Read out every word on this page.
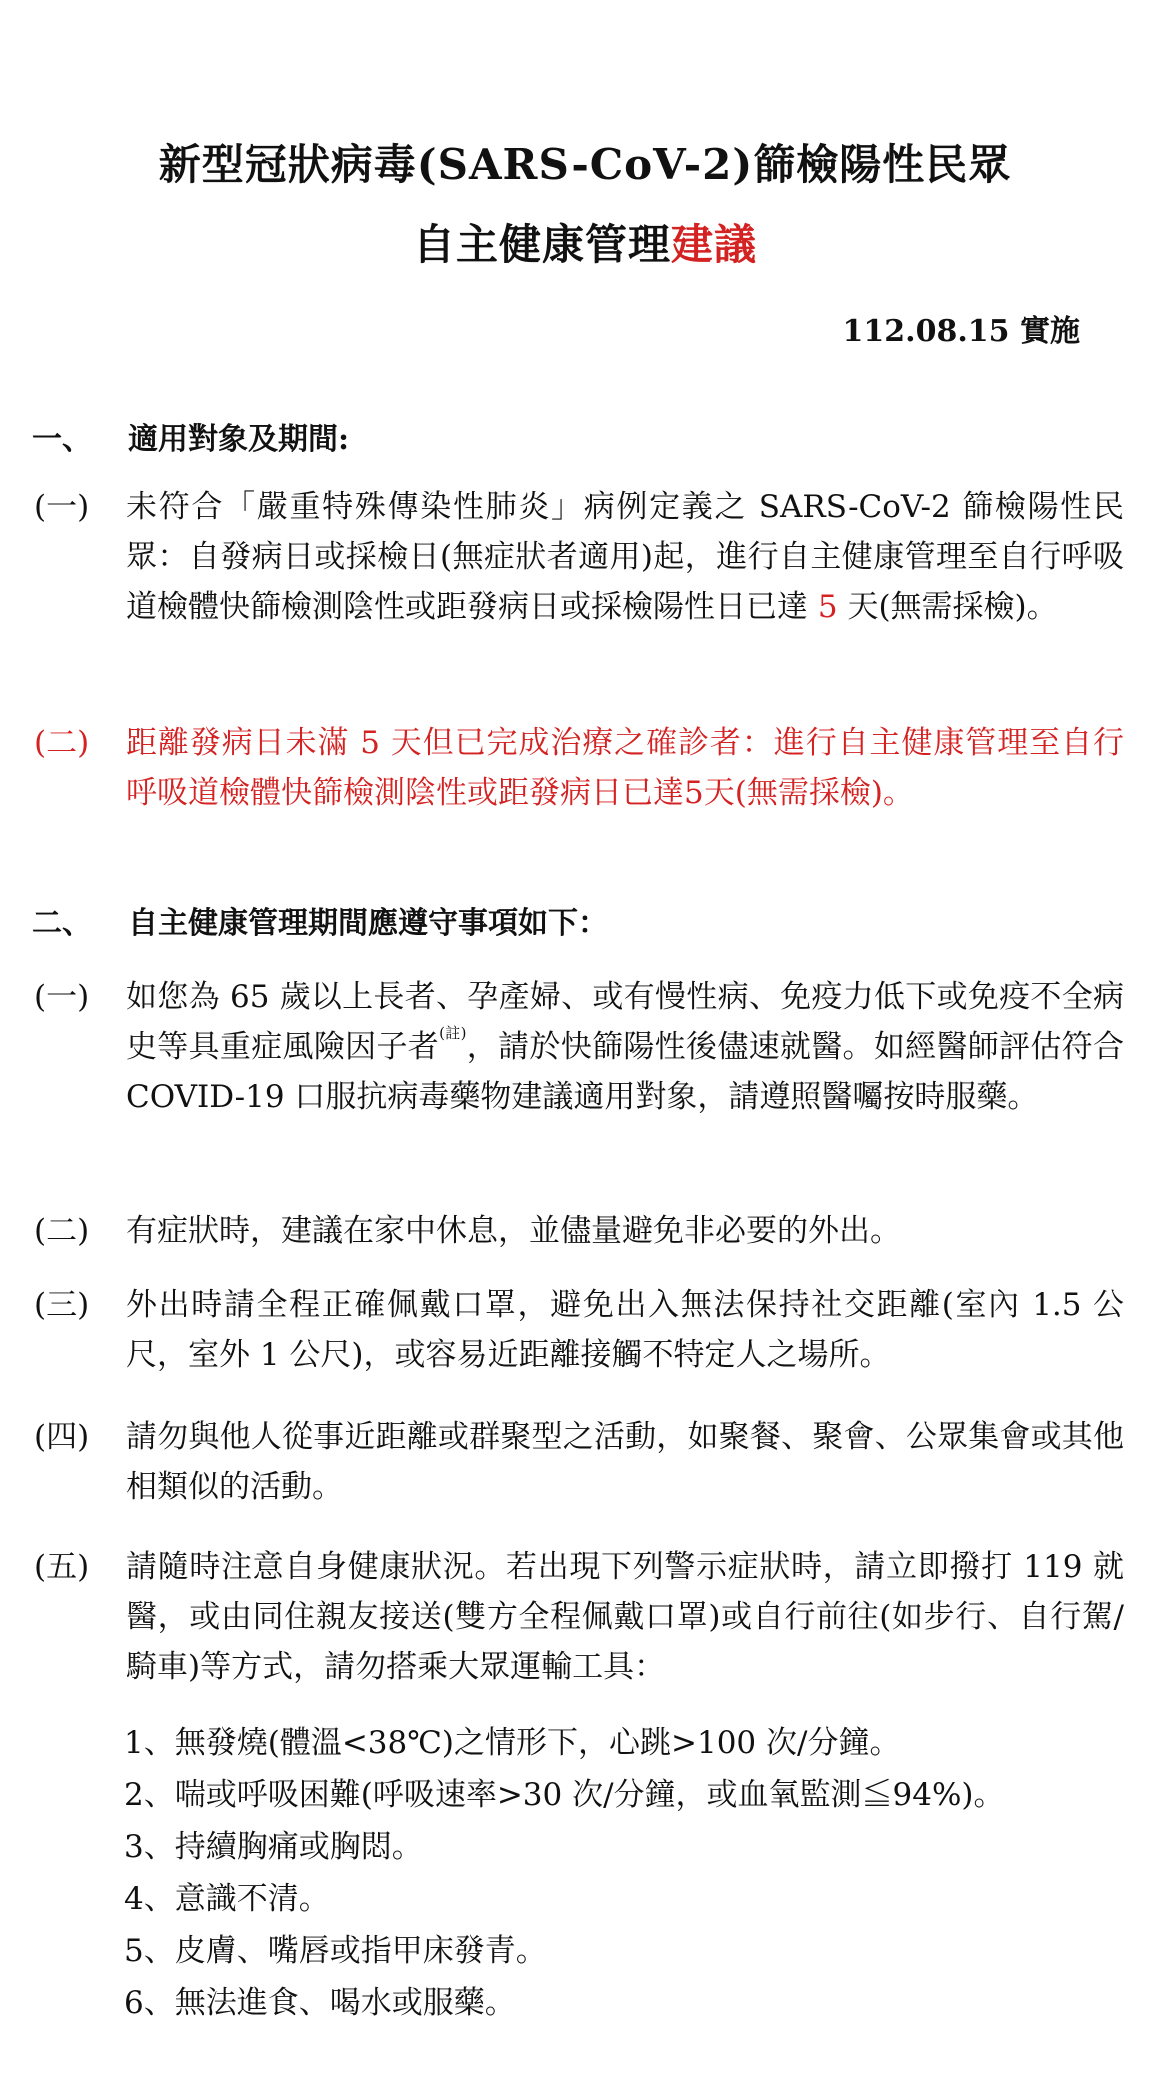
新型冠狀病毒(SARS-CoV-2)篩檢陽性民眾
自主健康管理建議
112.08.15 實施
一、 適用對象及期間:
(一) 未符合「嚴重特殊傳染性肺炎」病例定義之 SARS-CoV-2 篩檢陽性民眾：自發病日或採檢日(無症狀者適用)起，進行自主健康管理至自行呼吸道檢體快篩檢測陰性或距發病日或採檢陽性日已達 5 天(無需採檢)。
(二) 距離發病日未滿 5 天但已完成治療之確診者：進行自主健康管理至自行呼吸道檢體快篩檢測陰性或距發病日已達5天(無需採檢)。
二、 自主健康管理期間應遵守事項如下：
(一) 如您為 65 歲以上長者、孕產婦、或有慢性病、免疫力低下或免疫不全病史等具重症風險因子者$^{(註)}$，請於快篩陽性後儘速就醫。如經醫師評估符合 COVID-19 口服抗病毒藥物建議適用對象，請遵照醫囑按時服藥。
(二) 有症狀時，建議在家中休息，並儘量避免非必要的外出。
(三) 外出時請全程正確佩戴口罩，避免出入無法保持社交距離(室內 1.5 公尺，室外 1 公尺)，或容易近距離接觸不特定人之場所。
(四) 請勿與他人從事近距離或群聚型之活動，如聚餐、聚會、公眾集會或其他相類似的活動。
(五) 請隨時注意自身健康狀況。若出現下列警示症狀時，請立即撥打 119 就醫，或由同住親友接送(雙方全程佩戴口罩)或自行前往(如步行、自行駕/騎車)等方式，請勿搭乘大眾運輸工具：
1、無發燒(體溫<38℃)之情形下，心跳>100 次/分鐘。
2、喘或呼吸困難(呼吸速率>30 次/分鐘，或血氧監測≦94%)。
3、持續胸痛或胸悶。
4、意識不清。
5、皮膚、嘴唇或指甲床發青。
6、無法進食、喝水或服藥。
